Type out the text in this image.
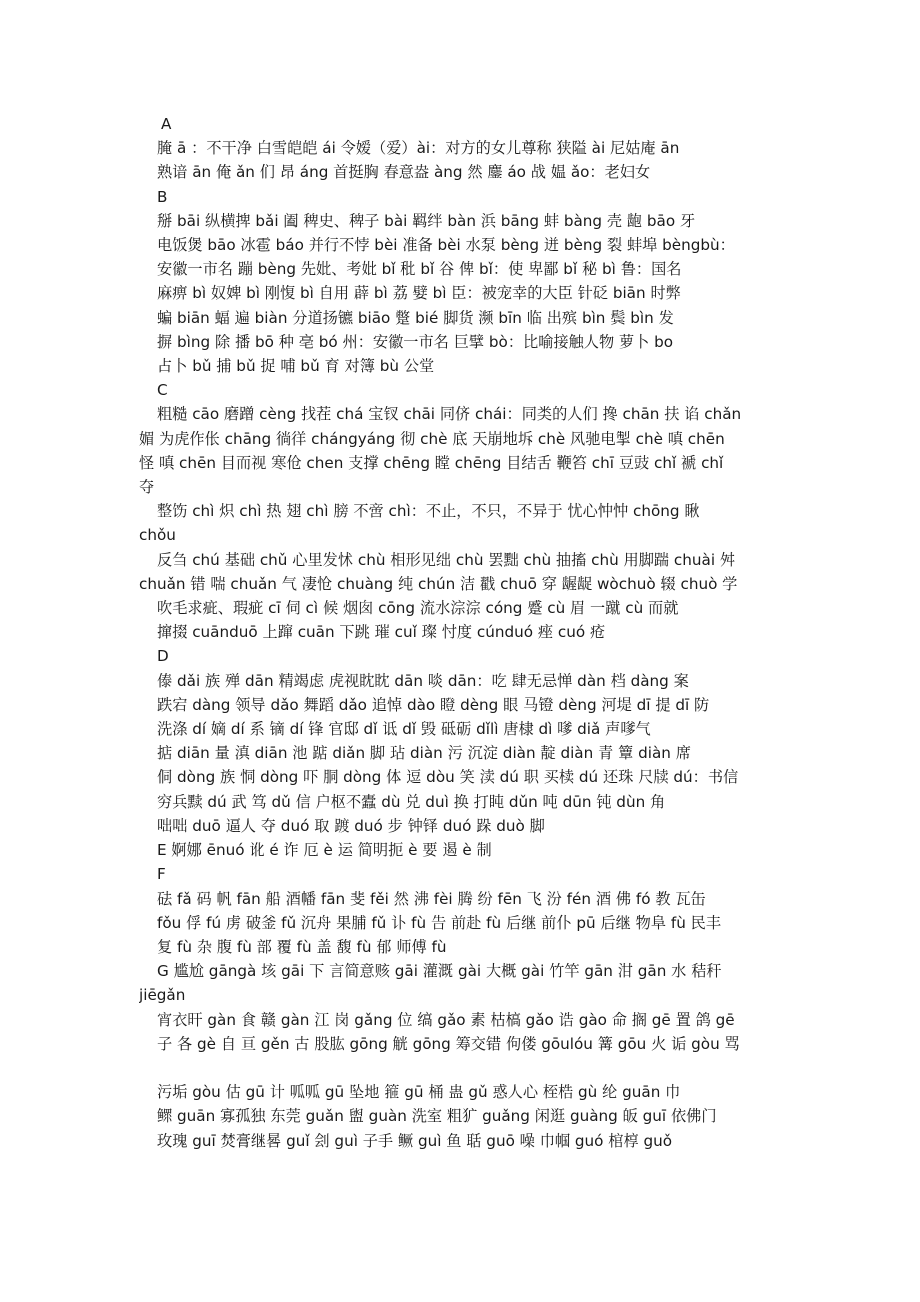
A
腌 ā ：不干净 白雪皑皑 ái 令嫒（爱）ài：对方的女儿尊称 狭隘 ài 尼姑庵 ān
熟谙 ān 俺 ǎn 们 昂 áng 首挺胸 春意盎 àng 然 鏖 áo 战 媪 ǎo：老妇女
B
掰 bāi 纵横捭 bǎi 阖 稗史、稗子 bài 羁绊 bàn 浜 bāng 蚌 bàng 壳 龅 bāo 牙
电饭煲 bāo 冰雹 báo 并行不悖 bèi 准备 bèi 水泵 bèng 迸 bèng 裂 蚌埠 bèngbù：
安徽一市名 蹦 bèng 先妣、考妣 bǐ 秕 bǐ 谷 俾 bǐ：使 卑鄙 bǐ 秘 bì 鲁：国名
麻痹 bì 奴婢 bì 刚愎 bì 自用 薜 bì 荔 嬖 bì 臣：被宠幸的大臣 针砭 biān 时弊
蝙 biān 蝠 遍 biàn 分道扬镳 biāo 蹩 bié 脚货 濒 bīn 临 出殡 bìn 鬓 bìn 发
摒 bìng 除 播 bō 种 亳 bó 州：安徽一市名 巨擘 bò：比喻接触人物 萝卜 bo
占卜 bǔ 捕 bǔ 捉 哺 bǔ 育 对簿 bù 公堂
C
粗糙 cāo 磨蹭 cèng 找茬 chá 宝钗 chāi 同侪 chái：同类的人们 搀 chān 扶 谄 chǎn
媚 为虎作伥 chāng 徜徉 chángyáng 彻 chè 底 天崩地坼 chè 风驰电掣 chè 嗔 chēn
怪 嗔 chēn 目而视 寒伧 chen 支撑 chēng 瞠 chēng 目结舌 鞭笞 chī 豆豉 chǐ 褫 chǐ
夺
整饬 chì 炽 chì 热 翅 chì 膀 不啻 chì：不止，不只，不异于 忧心忡忡 chōng 瞅
chǒu
反刍 chú 基础 chǔ 心里发怵 chù 相形见绌 chù 罢黜 chù 抽搐 chù 用脚踹 chuài 舛
chuǎn 错 喘 chuǎn 气 凄怆 chuàng 纯 chún 洁 戳 chuō 穿 龌龊 wòchuò 辍 chuò 学
吹毛求疵、瑕疵 cī 伺 cì 候 烟囱 cōng 流水淙淙 cóng 蹙 cù 眉 一蹴 cù 而就
撺掇 cuānduō 上蹿 cuān 下跳 璀 cuǐ 璨 忖度 cúnduó 痤 cuó 疮
D
傣 dǎi 族 殚 dān 精竭虑 虎视眈眈 dān 啖 dān：吃 肆无忌惮 dàn 档 dàng 案
跌宕 dàng 领导 dǎo 舞蹈 dǎo 追悼 dào 瞪 dèng 眼 马镫 dèng 河堤 dī 提 dī 防
洗涤 dí 嫡 dí 系 镝 dí 锋 官邸 dǐ 诋 dǐ 毁 砥砺 dǐlì 唐棣 dì 嗲 diǎ 声嗲气
掂 diān 量 滇 diān 池 踮 diǎn 脚 玷 diàn 污 沉淀 diàn 靛 diàn 青 簟 diàn 席
侗 dòng 族 恫 dòng 吓 胴 dòng 体 逗 dòu 笑 渎 dú 职 买椟 dú 还珠 尺牍 dú：书信
穷兵黩 dú 武 笃 dǔ 信 户枢不蠹 dù 兑 duì 换 打盹 dǔn 吨 dūn 钝 dùn 角
咄咄 duō 逼人 夺 duó 取 踱 duó 步 钟铎 duó 跺 duò 脚
E 婀娜 ēnuó 讹 é 诈 厄 è 运 简明扼 è 要 遏 è 制
F
砝 fǎ 码 帆 fān 船 酒幡 fān 斐 fěi 然 沸 fèi 腾 纷 fēn 飞 汾 fén 酒 佛 fó 教 瓦缶
fǒu 俘 fú 虏 破釜 fǔ 沉舟 果脯 fǔ 讣 fù 告 前赴 fù 后继 前仆 pū 后继 物阜 fù 民丰
复 fù 杂 腹 fù 部 覆 fù 盖 馥 fù 郁 师傅 fù
G 尴尬 gāngà 垓 gāi 下 言简意赅 gāi 灌溉 gài 大概 gài 竹竿 gān 泔 gān 水 秸秆
jiēgǎn
宵衣旰 gàn 食 赣 gàn 江 岗 gǎng 位 缟 gǎo 素 枯槁 gǎo 诰 gào 命 搁 gē 置 鸽 gē
子 各 gè 自 亘 gěn 古 股肱 gōng 觥 gōng 筹交错 佝偻 gōulóu 篝 gōu 火 诟 gòu 骂

污垢 gòu 估 gū 计 呱呱 gū 坠地 箍 gū 桶 蛊 gǔ 惑人心 桎梏 gù 纶 guān 巾
鳏 guān 寡孤独 东莞 guǎn 盥 guàn 洗室 粗犷 guǎng 闲逛 guàng 皈 guī 依佛门
玫瑰 guī 焚膏继晷 guǐ 刽 guì 子手 鳜 guì 鱼 聒 guō 噪 巾帼 guó 棺椁 guǒ
